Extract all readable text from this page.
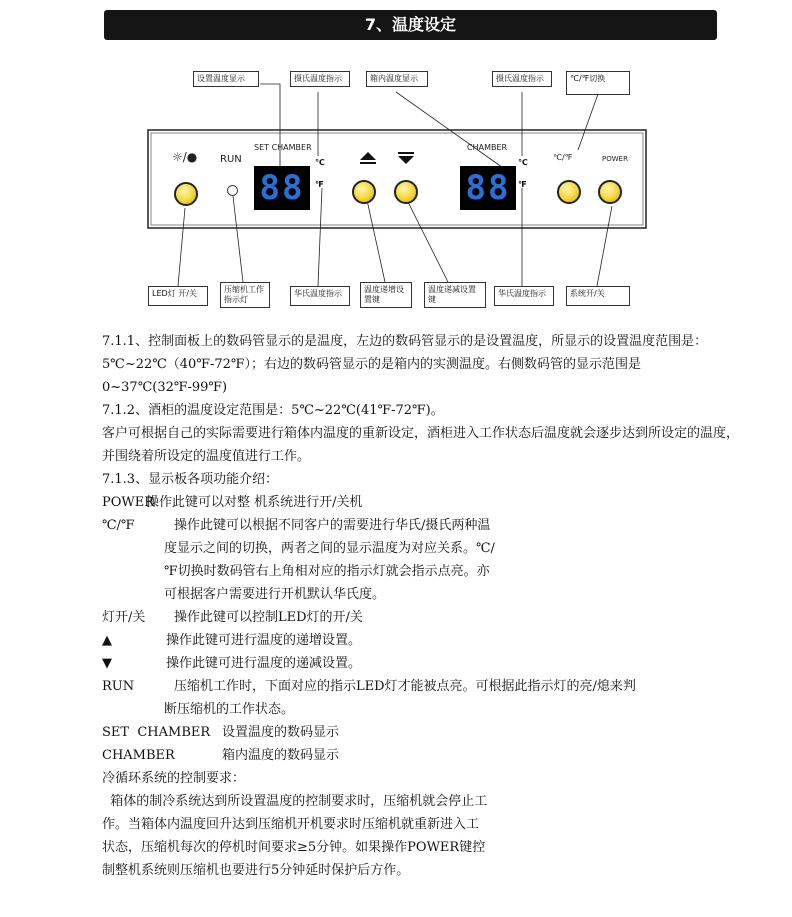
7、温度设定
设置温度显示	摄氏温度指示	箱内温度显示	摄氏温度指示	℃/℉切换
LED灯 开/关	压缩机工作指示灯
华氏温度指示	温度递增设置键
温度递减设置键
华氏温度指示	系统开/关
☼/● RUN
SET CHAMBER	CHAMBER
℃/℉	POWER
℃
℉
℃
℉
88	88
7.1.1、控制面板上的数码管显示的是温度，左边的数码管显示的是设置温度，所显示的设置温度范围是：5℃~22℃（40℉-72℉）；右边的数码管显示的是箱内的实测温度。右侧数码管的显示范围是0~37℃(32℉-99℉)
7.1.2、酒柜的温度设定范围是：5℃~22℃(41℉-72℉)。
客户可根据自己的实际需要进行箱体内温度的重新设定，酒柜进入工作状态后温度就会逐步达到所设定的温度，并围绕着所设定的温度值进行工作。
7.1.3、显示板各项功能介绍：
POWER操作此键可以对整 机系统进行开/关机
℃/℉	操作此键可以根据不同客户的需要进行华氏/摄氏两种温
度显示之间的切换，两者之间的显示温度为对应关系。℃/
℉切换时数码管右上角相对应的指示灯就会指示点亮。亦
可根据客户需要进行开机默认华氏度。
灯开/关 操作此键可以控制LED灯的开/关
▲	操作此键可进行温度的递增设置。
▼	操作此键可进行温度的递减设置。
RUN	压缩机工作时，下面对应的指示LED灯才能被点亮。可根据此指示灯的亮/熄来判
断压缩机的工作状态。
SET  CHAMBER 设置温度的数码显示
CHAMBER	箱内温度的数码显示
冷循环系统的控制要求：
箱体的制冷系统达到所设置温度的控制要求时，压缩机就会停止工
作。当箱体内温度回升达到压缩机开机要求时压缩机就重新进入工
状态，压缩机每次的停机时间要求≥5分钟。如果操作POWER键控
制整机系统则压缩机也要进行5分钟延时保护后方作。
